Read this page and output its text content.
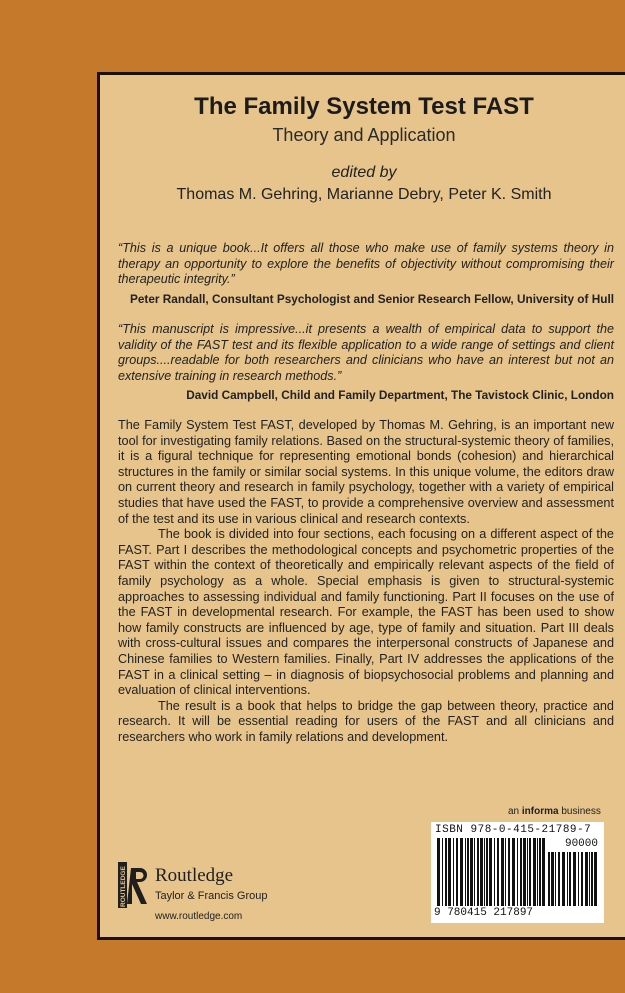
The Family System Test FAST
Theory and Application
edited by
Thomas M. Gehring, Marianne Debry, Peter K. Smith
“This is a unique book...It offers all those who make use of family systems theory in therapy an opportunity to explore the benefits of objectivity without compromising their therapeutic integrity.”
Peter Randall, Consultant Psychologist and Senior Research Fellow, University of Hull
“This manuscript is impressive...it presents a wealth of empirical data to support the validity of the FAST test and its flexible application to a wide range of settings and client groups....readable for both researchers and clinicians who have an interest but not an extensive training in research methods.”
David Campbell, Child and Family Department, The Tavistock Clinic, London

The Family System Test FAST, developed by Thomas M. Gehring, is an important new tool for investigating family relations. Based on the structural-systemic theory of families, it is a figural technique for representing emotional bonds (cohesion) and hierarchical structures in the family or similar social systems. In this unique volume, the editors draw on current theory and research in family psychology, together with a variety of empirical studies that have used the FAST, to provide a comprehensive overview and assessment of the test and its use in various clinical and research contexts.

The book is divided into four sections, each focusing on a different aspect of the FAST. Part I describes the methodological concepts and psychometric properties of the FAST within the context of theoretically and empirically relevant aspects of the field of family psychology as a whole. Special emphasis is given to structural-systemic approaches to assessing individual and family functioning. Part II focuses on the use of the FAST in developmental research. For example, the FAST has been used to show how family constructs are influenced by age, type of family and situation. Part III deals with cross-cultural issues and compares the interpersonal constructs of Japanese and Chinese families to Western families. Finally, Part IV addresses the applications of the FAST in a clinical setting – in diagnosis of biopsychosocial problems and planning and evaluation of clinical interventions.

The result is a book that helps to bridge the gap between theory, practice and research. It will be essential reading for users of the FAST and all clinicians and researchers who work in family relations and development.

an informa business
ISBN 978-0-415-21789-7
90000
9 780415 217897
ROUTLEDGE Routledge
Taylor & Francis Group
www.routledge.com
